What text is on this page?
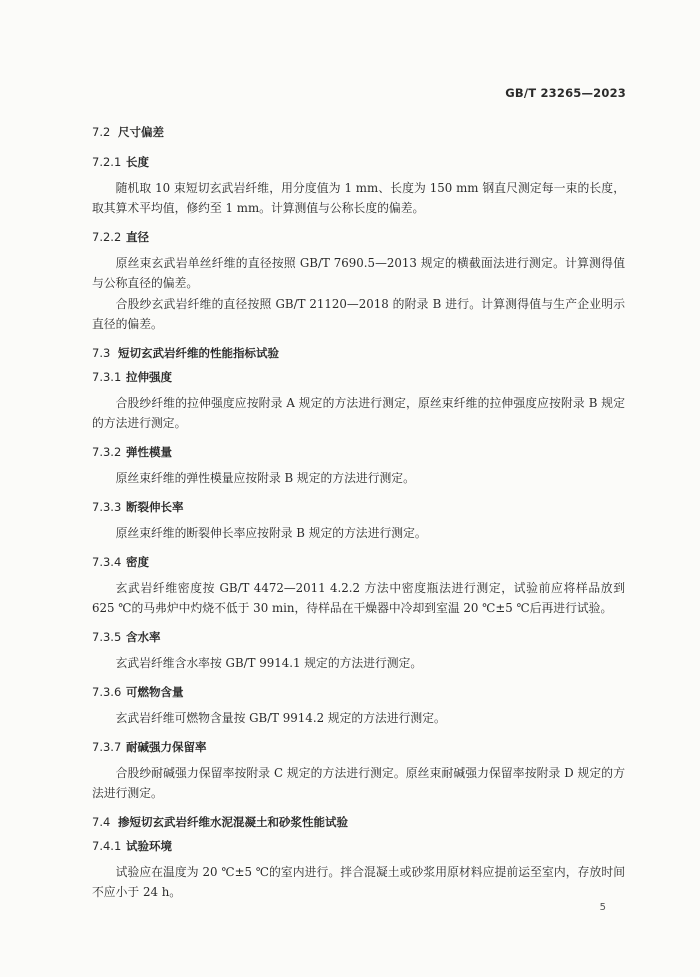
GB/T 23265—2023
7.2 尺寸偏差
7.2.1 长度
随机取 10 束短切玄武岩纤维，用分度值为 1 mm、长度为 150 mm 钢直尺测定每一束的长度，取其算术平均值，修约至 1 mm。计算测值与公称长度的偏差。
7.2.2 直径
原丝束玄武岩单丝纤维的直径按照 GB/T 7690.5—2013 规定的横截面法进行测定。计算测得值与公称直径的偏差。
合股纱玄武岩纤维的直径按照 GB/T 21120—2018 的附录 B 进行。计算测得值与生产企业明示直径的偏差。
7.3 短切玄武岩纤维的性能指标试验
7.3.1 拉伸强度
合股纱纤维的拉伸强度应按附录 A 规定的方法进行测定，原丝束纤维的拉伸强度应按附录 B 规定的方法进行测定。
7.3.2 弹性模量
原丝束纤维的弹性模量应按附录 B 规定的方法进行测定。
7.3.3 断裂伸长率
原丝束纤维的断裂伸长率应按附录 B 规定的方法进行测定。
7.3.4 密度
玄武岩纤维密度按 GB/T 4472—2011 4.2.2 方法中密度瓶法进行测定，试验前应将样品放到 625 ℃的马弗炉中灼烧不低于 30 min，待样品在干燥器中冷却到室温 20 ℃±5 ℃后再进行试验。
7.3.5 含水率
玄武岩纤维含水率按 GB/T 9914.1 规定的方法进行测定。
7.3.6 可燃物含量
玄武岩纤维可燃物含量按 GB/T 9914.2 规定的方法进行测定。
7.3.7 耐碱强力保留率
合股纱耐碱强力保留率按附录 C 规定的方法进行测定。原丝束耐碱强力保留率按附录 D 规定的方法进行测定。
7.4 掺短切玄武岩纤维水泥混凝土和砂浆性能试验
7.4.1 试验环境
试验应在温度为 20 ℃±5 ℃的室内进行。拌合混凝土或砂浆用原材料应提前运至室内，存放时间不应小于 24 h。
5
